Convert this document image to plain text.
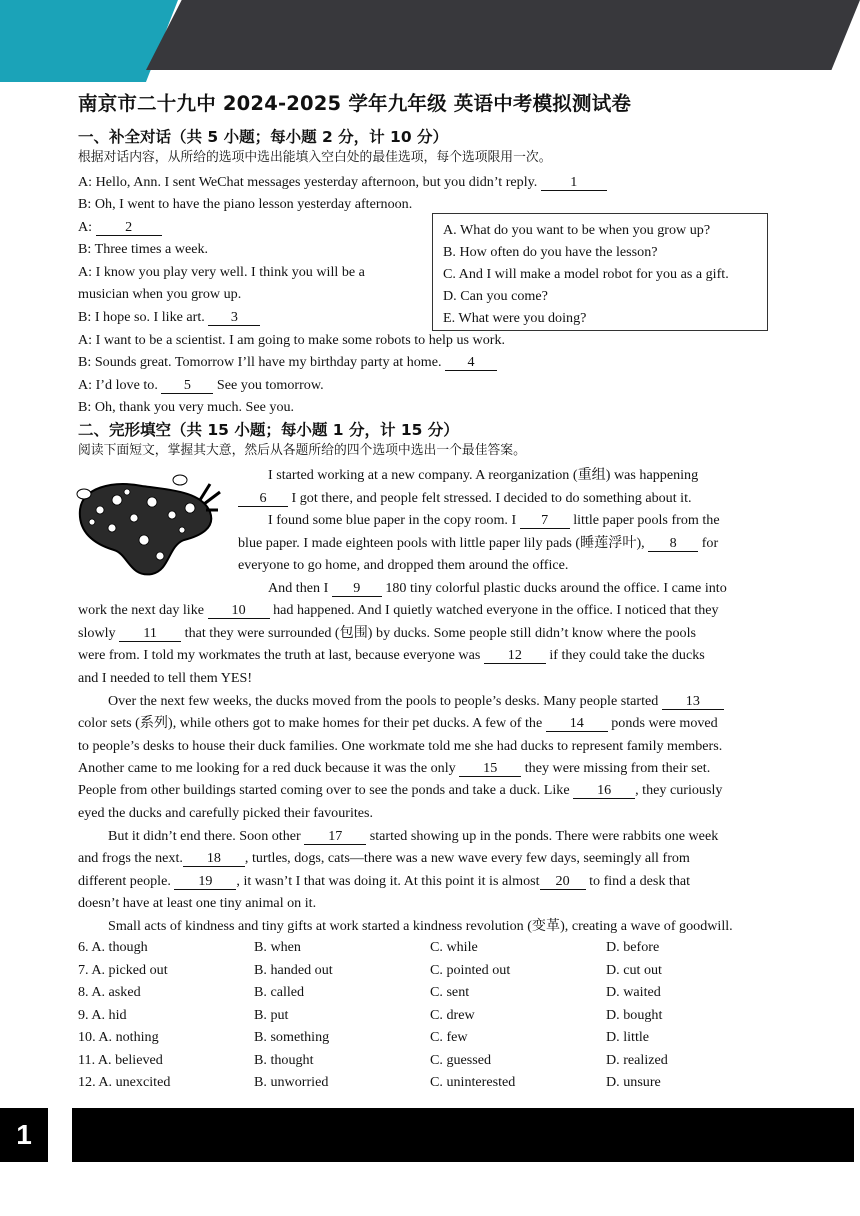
南京市二十九中 2024-2025 学年九年级 英语中考模拟测试卷
一、补全对话（共 5 小题；每小题 2 分，计 10 分）
根据对话内容，从所给的选项中选出能填入空白处的最佳选项，每个选项限用一次。
A: Hello, Ann. I sent WeChat messages yesterday afternoon, but you didn’t reply. 1
B: Oh, I went to have the piano lesson yesterday afternoon.
A: 2
B: Three times a week.
A: I know you play very well. I think you will be a
musician when you grow up.
B: I hope so. I like art. 3
A: I want to be a scientist. I am going to make some robots to help us work.
B: Sounds great. Tomorrow I’ll have my birthday party at home. 4
A: I’d love to. 5 See you tomorrow.
B: Oh, thank you very much. See you.
A. What do you want to be when you grow up?
B. How often do you have the lesson?
C. And I will make a model robot for you as a gift.
D. Can you come?
E. What were you doing?
二、完形填空（共 15 小题；每小题 1 分，计 15 分）
阅读下面短文，掌握其大意，然后从各题所给的四个选项中选出一个最佳答案。
I started working at a new company. A reorganization (重组) was happening
6 I got there, and people felt stressed. I decided to do something about it.
I found some blue paper in the copy room. I 7 little paper pools from the
blue paper. I made eighteen pools with little paper lily pads (睡莲浮叶), 8 for
everyone to go home, and dropped them around the office.
And then I 9 180 tiny colorful plastic ducks around the office. I came into
work the next day like 10 had happened. And I quietly watched everyone in the office. I noticed that they
slowly 11 that they were surrounded (包围) by ducks. Some people still didn’t know where the pools
were from. I told my workmates the truth at last, because everyone was 12 if they could take the ducks
and I needed to tell them YES!
Over the next few weeks, the ducks moved from the pools to people’s desks. Many people started 13
color sets (系列), while others got to make homes for their pet ducks. A few of the 14 ponds were moved
to people’s desks to house their duck families. One workmate told me she had ducks to represent family members.
Another came to me looking for a red duck because it was the only 15 they were missing from their set.
People from other buildings started coming over to see the ponds and take a duck. Like 16 , they curiously
eyed the ducks and carefully picked their favourites.
But it didn’t end there. Soon other 17 started showing up in the ponds. There were rabbits one week
and frogs the next. 18 , turtles, dogs, cats—there was a new wave every few days, seemingly all from
different people. 19 , it wasn’t I that was doing it. At this point it is almost 20 to find a desk that
doesn’t have at least one tiny animal on it.
Small acts of kindness and tiny gifts at work started a kindness revolution (变革), creating a wave of goodwill.
6. A. though	B. when	C. while	D. before
7. A. picked out	B. handed out	C. pointed out	D. cut out
8. A. asked	B. called	C. sent	D. waited
9. A. hid	B. put	C. drew	D. bought
10. A. nothing	B. something	C. few	D. little
11. A. believed	B. thought	C. guessed	D. realized
12. A. unexcited	B. unworried	C. uninterested	D. unsure
1
